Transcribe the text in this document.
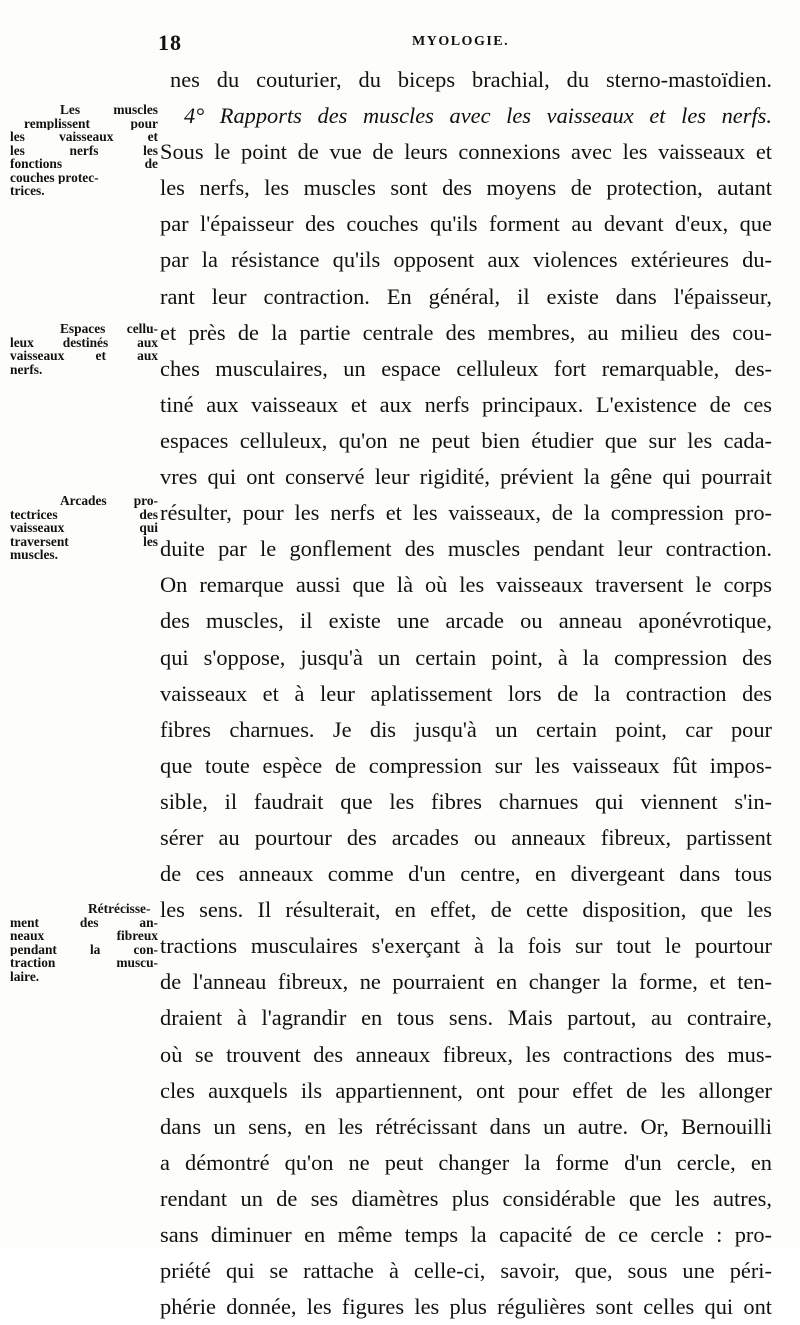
18	MYOLOGIE.
Les muscles
remplissent pour
les vaisseaux et
les nerfs les
fonctions de
couches protec-
trices.
Espaces cellu-
leux destinés aux
vaisseaux et aux
nerfs.
Arcades pro-
tectrices des
vaisseaux qui
traversent les
muscles.
Rétrécisse-
ment des an-
neaux fibreux
pendant la con-
traction muscu-
laire.
nes du couturier, du biceps brachial, du sterno-mastoïdien.
4° Rapports des muscles avec les vaisseaux et les nerfs.
Sous le point de vue de leurs connexions avec les vaisseaux et
les nerfs, les muscles sont des moyens de protection, autant
par l'épaisseur des couches qu'ils forment au devant d'eux, que
par la résistance qu'ils opposent aux violences extérieures du-
rant leur contraction. En général, il existe dans l'épaisseur,
et près de la partie centrale des membres, au milieu des cou-
ches musculaires, un espace celluleux fort remarquable, des-
tiné aux vaisseaux et aux nerfs principaux. L'existence de ces
espaces celluleux, qu'on ne peut bien étudier que sur les cada-
vres qui ont conservé leur rigidité, prévient la gêne qui pourrait
résulter, pour les nerfs et les vaisseaux, de la compression pro-
duite par le gonflement des muscles pendant leur contraction.
On remarque aussi que là où les vaisseaux traversent le corps
des muscles, il existe une arcade ou anneau aponévrotique,
qui s'oppose, jusqu'à un certain point, à la compression des
vaisseaux et à leur aplatissement lors de la contraction des
fibres charnues. Je dis jusqu'à un certain point, car pour
que toute espèce de compression sur les vaisseaux fût impos-
sible, il faudrait que les fibres charnues qui viennent s'in-
sérer au pourtour des arcades ou anneaux fibreux, partissent
de ces anneaux comme d'un centre, en divergeant dans tous
les sens. Il résulterait, en effet, de cette disposition, que les
tractions musculaires s'exerçant à la fois sur tout le pourtour
de l'anneau fibreux, ne pourraient en changer la forme, et ten-
draient à l'agrandir en tous sens. Mais partout, au contraire,
où se trouvent des anneaux fibreux, les contractions des mus-
cles auxquels ils appartiennent, ont pour effet de les allonger
dans un sens, en les rétrécissant dans un autre. Or, Bernouilli
a démontré qu'on ne peut changer la forme d'un cercle, en
rendant un de ses diamètres plus considérable que les autres,
sans diminuer en même temps la capacité de ce cercle : pro-
priété qui se rattache à celle-ci, savoir, que, sous une péri-
phérie donnée, les figures les plus régulières sont celles qui ont
